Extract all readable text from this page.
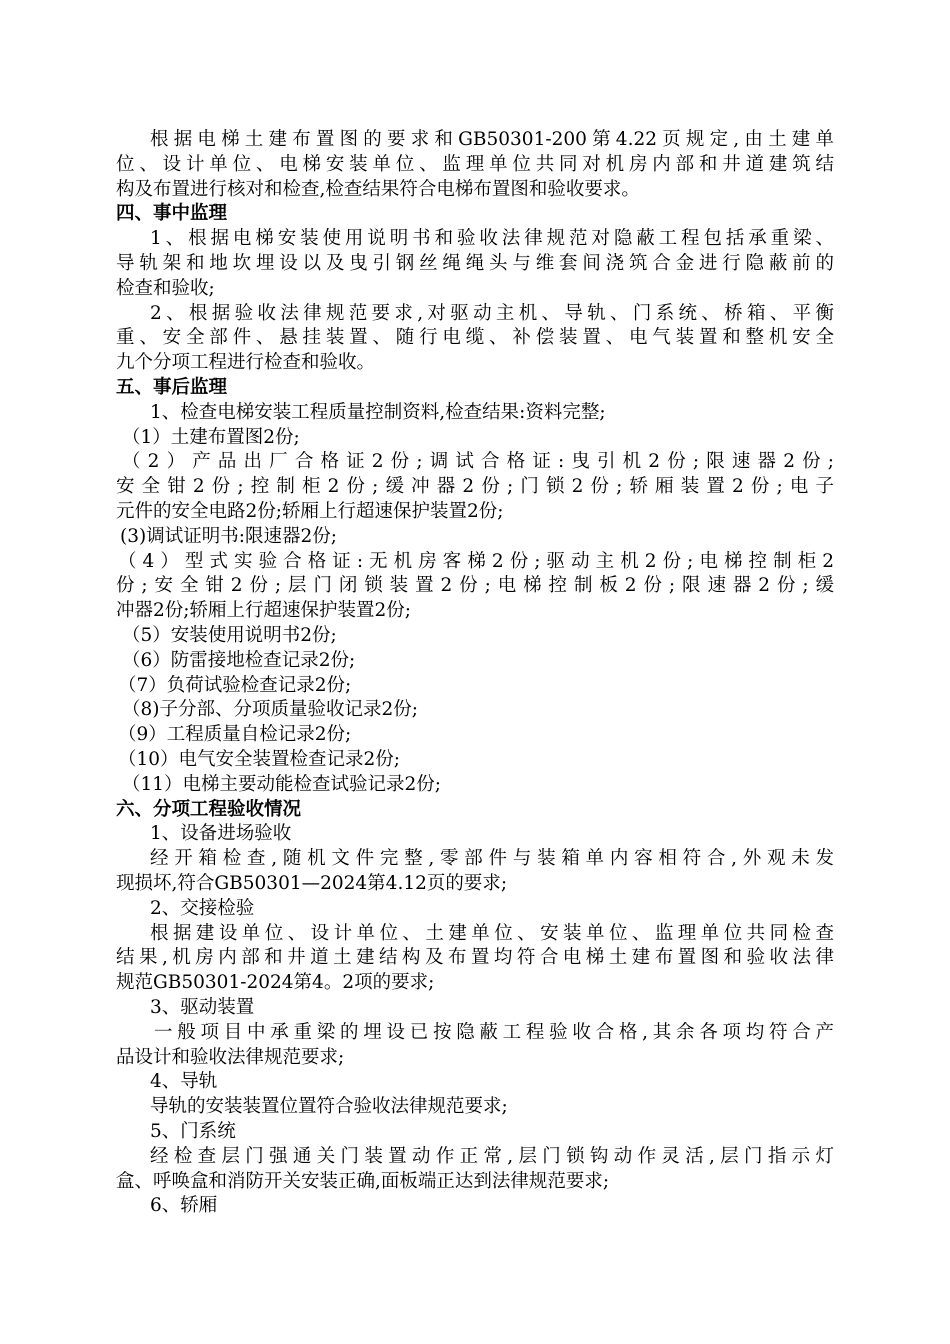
根据电梯土建布置图的要求和GB50301-200第4.22页规定,由土建单
位、设计单位、电梯安装单位、监理单位共同对机房内部和井道建筑结
构及布置进行核对和检查,检查结果符合电梯布置图和验收要求。
四、事中监理
1、根据电梯安装使用说明书和验收法律规范对隐蔽工程包括承重梁、
导轨架和地坎埋设以及曳引钢丝绳绳头与维套间浇筑合金进行隐蔽前的
检查和验收;
2、根据验收法律规范要求,对驱动主机、导轨、门系统、桥箱、平衡
重、安全部件、悬挂装置、随行电缆、补偿装置、电气装置和整机安全
九个分项工程进行检查和验收。
五、事后监理
1、检查电梯安装工程质量控制资料,检查结果:资料完整;
（1）土建布置图2份;
（2）产品出厂合格证2份;调试合格证:曳引机2份;限速器2份;
安全钳2份;控制柜2份;缓冲器2份;门锁2份;轿厢装置2份;电子
元件的安全电路2份;轿厢上行超速保护装置2份;
(3)调试证明书:限速器2份;
（4）型式实验合格证:无机房客梯2份;驱动主机2份;电梯控制柜2
份;安全钳2份;层门闭锁装置2份;电梯控制板2份;限速器2份;缓
冲器2份;轿厢上行超速保护装置2份;
（5）安装使用说明书2份;
（6）防雷接地检查记录2份;
（7）负荷试验检查记录2份;
（8)子分部、分项质量验收记录2份;
（9）工程质量自检记录2份;
（10）电气安全装置检查记录2份;
（11）电梯主要动能检查试验记录2份;
六、分项工程验收情况
1、设备进场验收
经开箱检查,随机文件完整,零部件与装箱单内容相符合,外观未发
现损坏,符合GB50301—2024第4.12页的要求;
2、交接检验
根据建设单位、设计单位、土建单位、安装单位、监理单位共同检查
结果,机房内部和井道土建结构及布置均符合电梯土建布置图和验收法律
规范GB50301-2024第4。2项的要求;
3、驱动装置
一般项目中承重梁的埋设已按隐蔽工程验收合格,其余各项均符合产
品设计和验收法律规范要求;
4、导轨
导轨的安装装置位置符合验收法律规范要求;
5、门系统
经检查层门强通关门装置动作正常,层门锁钩动作灵活,层门指示灯
盒、呼唤盒和消防开关安装正确,面板端正达到法律规范要求;
6、轿厢
